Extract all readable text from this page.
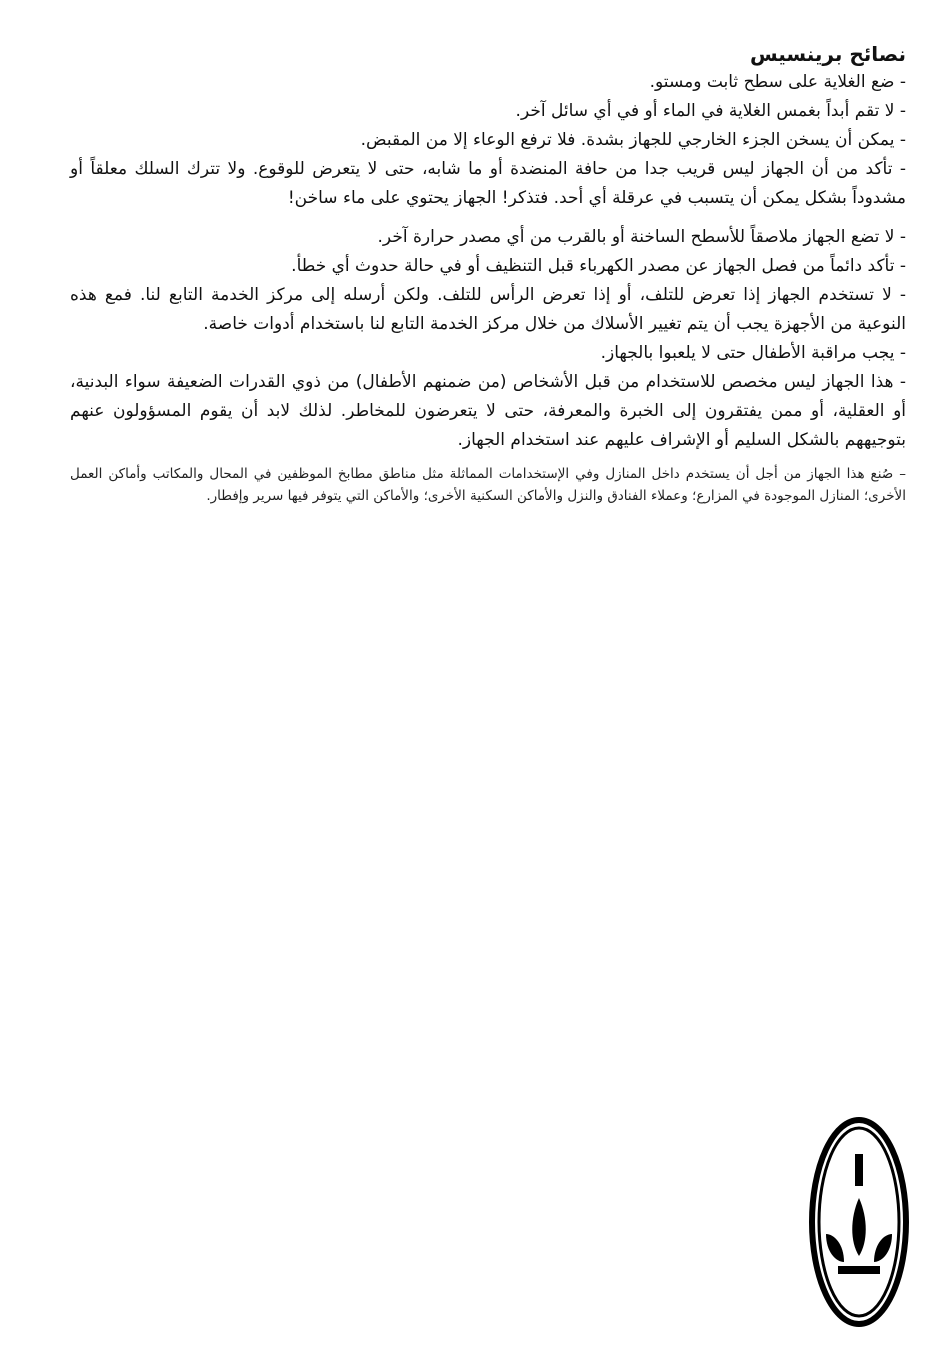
نصائح برينسيس

- ضع الغلاية على سطح ثابت ومستو.

- لا تقم أبداً بغمس الغلاية في الماء أو في أي سائل آخر.

- يمكن أن يسخن الجزء الخارجي للجهاز بشدة. فلا ترفع الوعاء إلا من المقبض.

- تأكد من أن الجهاز ليس قريب جدا من حافة المنضدة أو ما شابه، حتى لا يتعرض للوقوع. ولا تترك السلك معلقاً أو مشدوداً بشكل يمكن أن يتسبب في عرقلة أي أحد. فتذكر! الجهاز يحتوي على ماء ساخن!

- لا تضع الجهاز ملاصقاً للأسطح الساخنة أو بالقرب من أي مصدر حرارة آخر.

- تأكد دائماً من فصل الجهاز عن مصدر الكهرباء قبل التنظيف أو في حالة حدوث أي خطأ.

- لا تستخدم الجهاز إذا تعرض للتلف، أو إذا تعرض الرأس للتلف. ولكن أرسله إلى مركز الخدمة التابع لنا. فمع هذه النوعية من الأجهزة يجب أن يتم تغيير الأسلاك من خلال مركز الخدمة التابع لنا باستخدام أدوات خاصة.

- يجب مراقبة الأطفال حتى لا يلعبوا بالجهاز.

- هذا الجهاز ليس مخصص للاستخدام من قبل الأشخاص (من ضمنهم الأطفال) من ذوي القدرات الضعيفة سواء البدنية، أو العقلية، أو ممن يفتقرون إلى الخبرة والمعرفة، حتى لا يتعرضون للمخاطر. لذلك لابد أن يقوم المسؤولون عنهم بتوجيههم بالشكل السليم أو الإشراف عليهم عند استخدام الجهاز.

– صُنع هذا الجهاز من أجل أن يستخدم داخل المنازل وفي الإستخدامات المماثلة مثل مناطق مطابخ الموظفين في المحال والمكاتب وأماكن العمل الأخرى؛ المنازل الموجودة في المزارع؛ وعملاء الفنادق والنزل والأماكن السكنية الأخرى؛ والأماكن التي يتوفر فيها سرير وإفطار.
